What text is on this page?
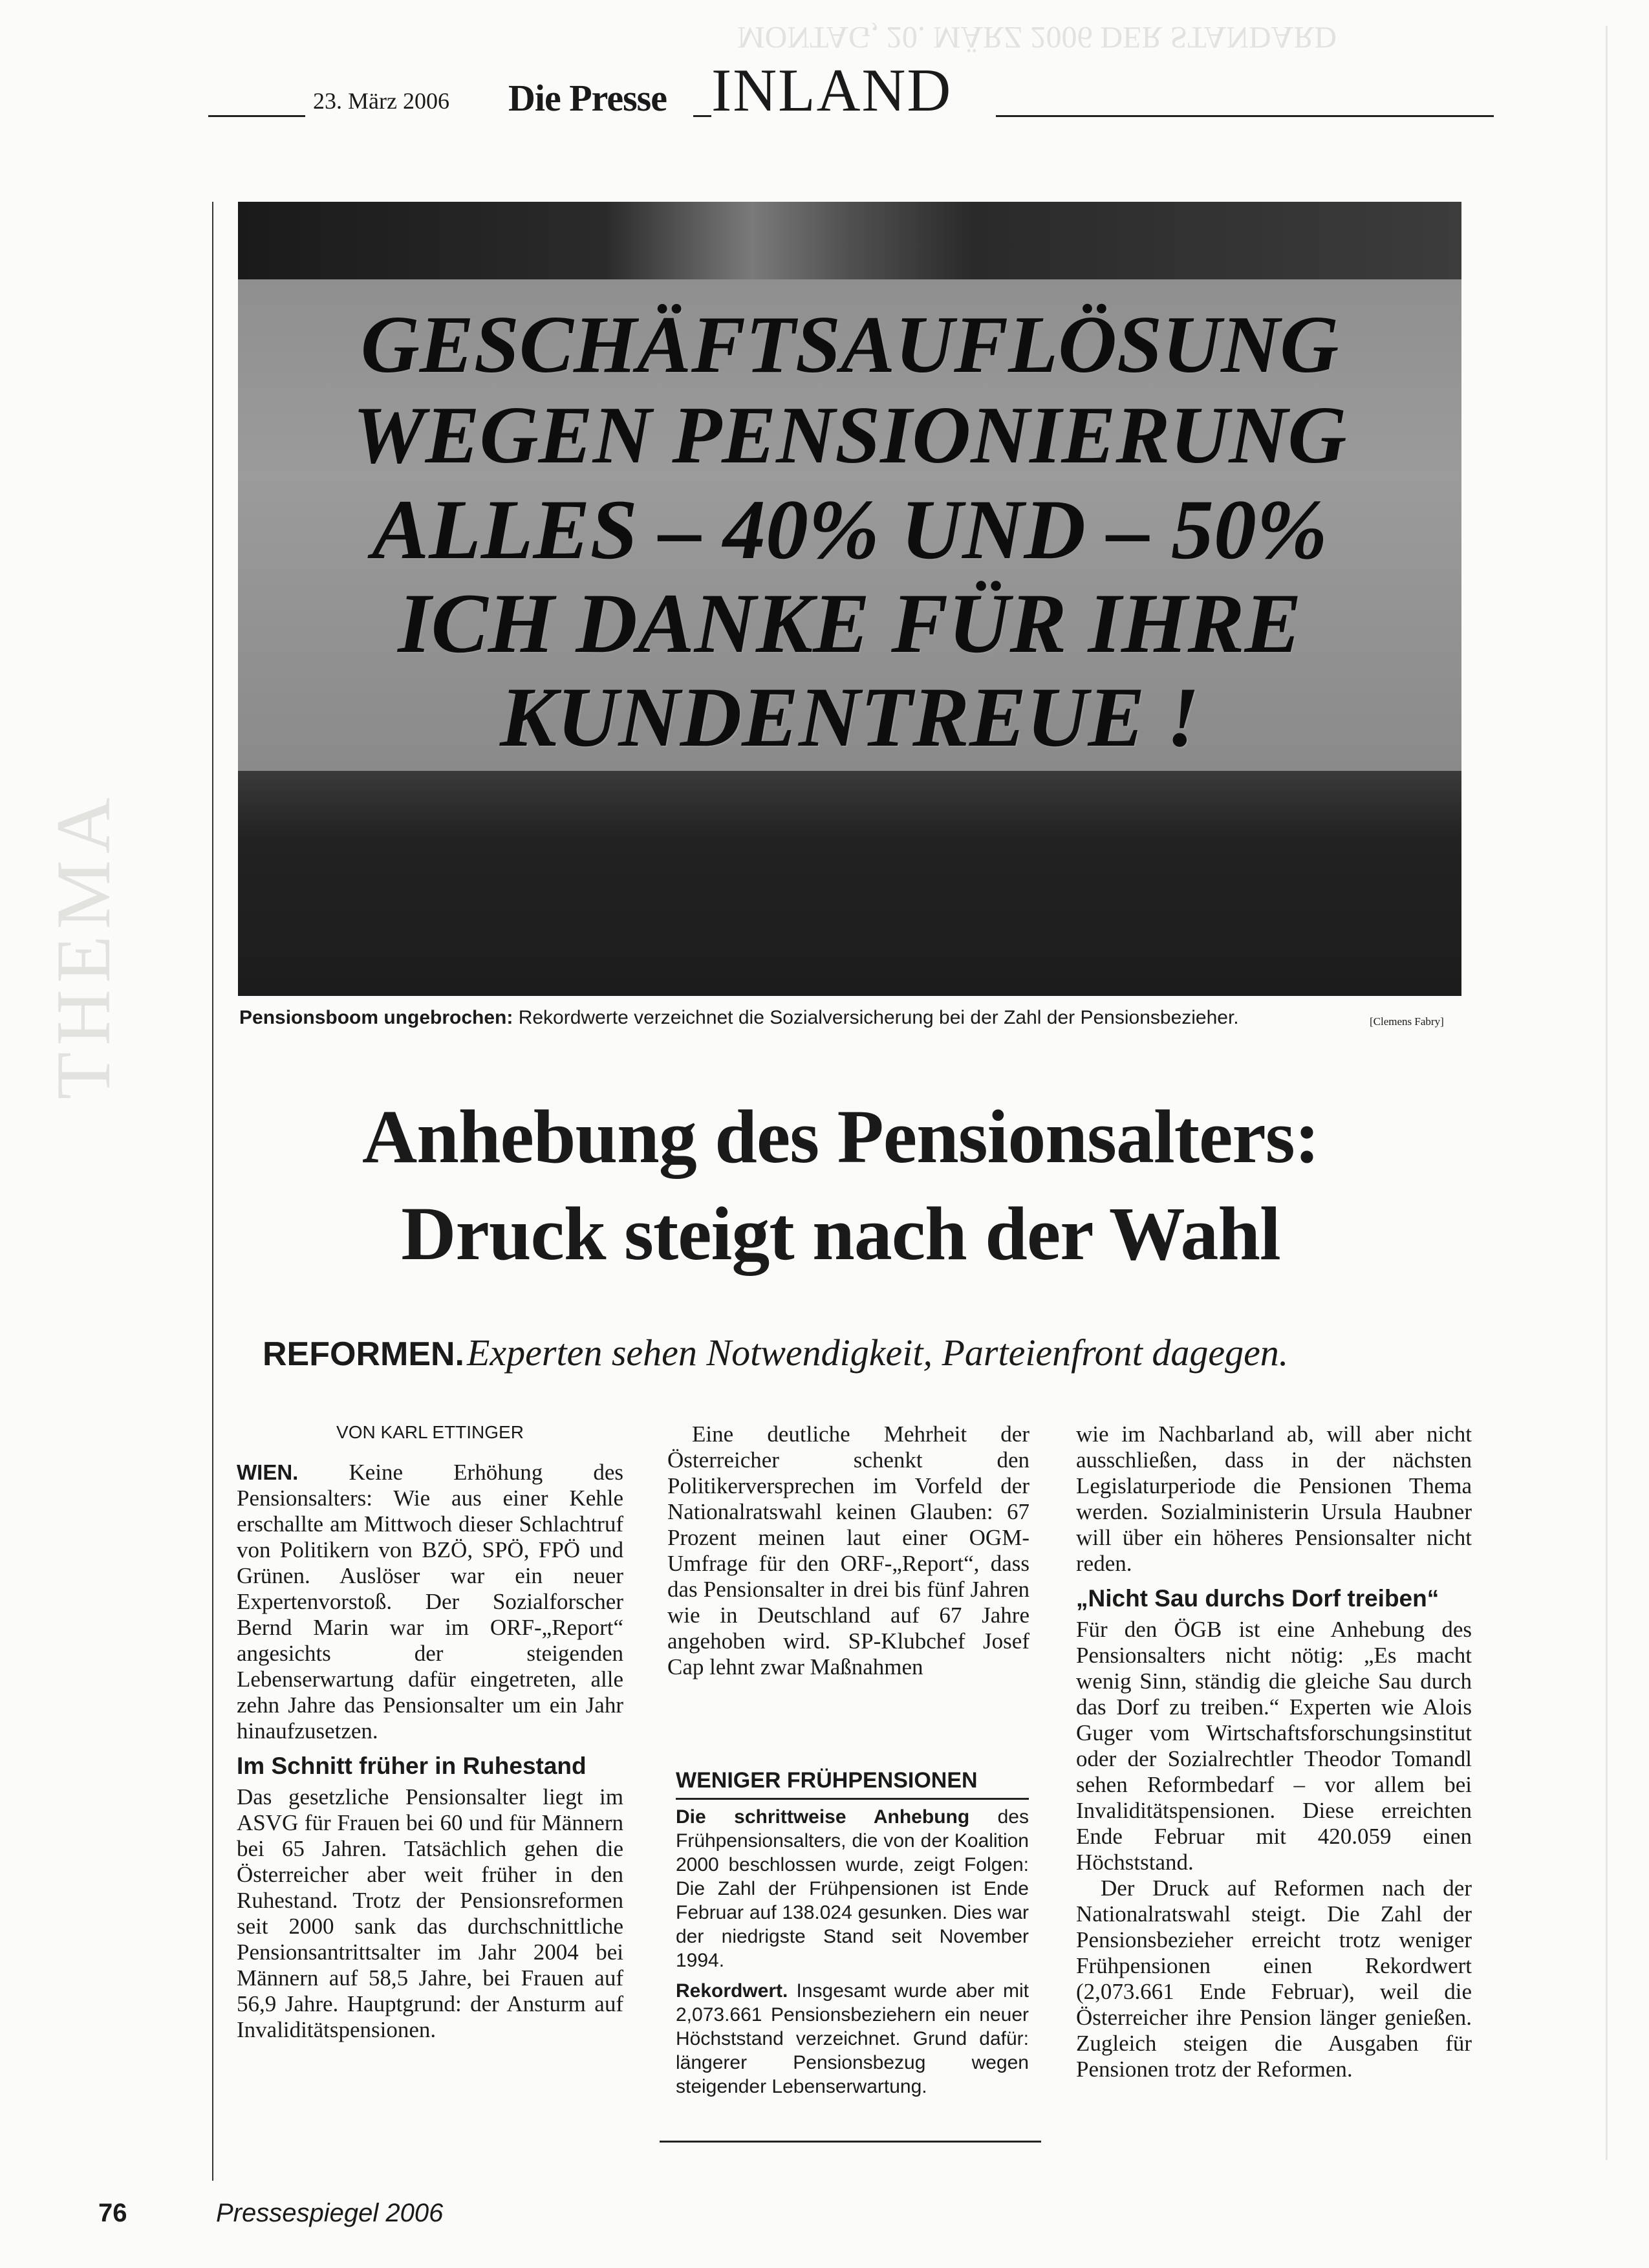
MONTAG, 20. MÄRZ 2006 DER STANDARD
THEMA
23. März 2006 Die Presse INLAND
GESCHÄFTSAUFLÖSUNG
WEGEN PENSIONIERUNG
ALLES – 40% UND – 50%
ICH DANKE FÜR IHRE
KUNDENTREUE !
Pensionsboom ungebrochen: Rekordwerte verzeichnet die Sozialversicherung bei der Zahl der Pensionsbezieher.	[Clemens Fabry]
Anhebung des Pensionsalters:
Druck steigt nach der Wahl
REFORMEN. Experten sehen Notwendigkeit, Parteienfront dagegen.
VON KARL ETTINGER

WIEN. Keine Erhöhung des Pensionsalters: Wie aus einer Kehle erschallte am Mittwoch dieser Schlachtruf von Politikern von BZÖ, SPÖ, FPÖ und Grünen. Auslöser war ein neuer Expertenvorstoß. Der Sozialforscher Bernd Marin war im ORF-„Report“ angesichts der steigenden Lebenserwartung dafür eingetreten, alle zehn Jahre das Pensionsalter um ein Jahr hinaufzusetzen.

Im Schnitt früher in Ruhestand

Das gesetzliche Pensionsalter liegt im ASVG für Frauen bei 60 und für Männern bei 65 Jahren. Tatsächlich gehen die Österreicher aber weit früher in den Ruhestand. Trotz der Pensionsreformen seit 2000 sank das durchschnittliche Pensionsantrittsalter im Jahr 2004 bei Männern auf 58,5 Jahre, bei Frauen auf 56,9 Jahre. Hauptgrund: der Ansturm auf Invaliditätspensionen.

Eine deutliche Mehrheit der Österreicher schenkt den Politikerversprechen im Vorfeld der Nationalratswahl keinen Glauben: 67 Prozent meinen laut einer OGM-Umfrage für den ORF-„Report“, dass das Pensionsalter in drei bis fünf Jahren wie in Deutschland auf 67 Jahre angehoben wird. SP-Klubchef Josef Cap lehnt zwar Maßnahmen

WENIGER FRÜHPENSIONEN

Die schrittweise Anhebung des Frühpensionsalters, die von der Koalition 2000 beschlossen wurde, zeigt Folgen: Die Zahl der Frühpensionen ist Ende Februar auf 138.024 gesunken. Dies war der niedrigste Stand seit November 1994.

Rekordwert. Insgesamt wurde aber mit 2,073.661 Pensionsbeziehern ein neuer Höchststand verzeichnet. Grund dafür: längerer Pensionsbezug wegen steigender Lebenserwartung.

wie im Nachbarland ab, will aber nicht ausschließen, dass in der nächsten Legislaturperiode die Pensionen Thema werden. Sozialministerin Ursula Haubner will über ein höheres Pensionsalter nicht reden.

„Nicht Sau durchs Dorf treiben“

Für den ÖGB ist eine Anhebung des Pensionsalters nicht nötig: „Es macht wenig Sinn, ständig die gleiche Sau durch das Dorf zu treiben.“ Experten wie Alois Guger vom Wirtschaftsforschungsinstitut oder der Sozialrechtler Theodor Tomandl sehen Reformbedarf – vor allem bei Invaliditätspensionen. Diese erreichten Ende Februar mit 420.059 einen Höchststand.

Der Druck auf Reformen nach der Nationalratswahl steigt. Die Zahl der Pensionsbezieher erreicht trotz weniger Frühpensionen einen Rekordwert (2,073.661 Ende Februar), weil die Österreicher ihre Pension länger genießen. Zugleich steigen die Ausgaben für Pensionen trotz der Reformen.

76	Pressespiegel 2006
